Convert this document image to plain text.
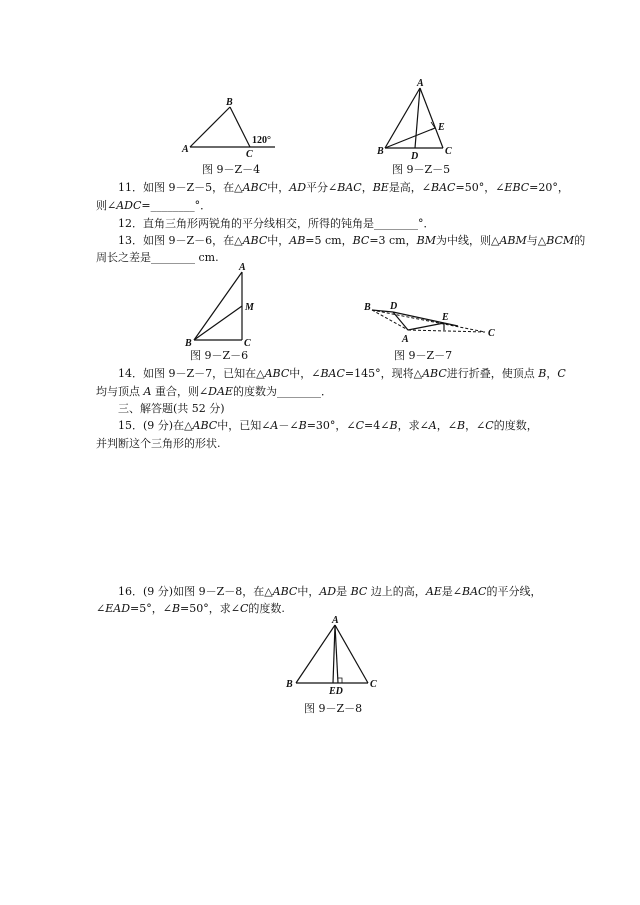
B
A	C
120°
图 9－Z－4
A
E
B	D	C
图 9－Z－5
11．如图 9－Z－5，在△ABC中，AD平分∠BAC，BE是高，∠BAC=50°，∠EBC=20°，
则∠ADC=________°．
12．直角三角形两锐角的平分线相交，所得的钝角是________°．
13．如图 9－Z－6，在△ABC中，AB=5 cm，BC=3 cm，BM为中线，则△ABM与△BCM的
周长之差是________ cm.
A
M
B	C
图 9－Z－6
B D
E
C
A
图 9－Z－7
14．如图 9－Z－7，已知在△ABC中，∠BAC=145°，现将△ABC进行折叠，使顶点 B，C
均与顶点 A 重合，则∠DAE的度数为________．
三、解答题(共 52 分)
15．(9 分)在△ABC中，已知∠A－∠B=30°，∠C=4∠B，求∠A，∠B，∠C的度数，
并判断这个三角形的形状.
16．(9 分)如图 9－Z－8，在△ABC中，AD是 BC 边上的高，AE是∠BAC的平分线，
∠EAD=5°，∠B=50°，求∠C的度数.
A
B
ED
C
图 9－Z－8
